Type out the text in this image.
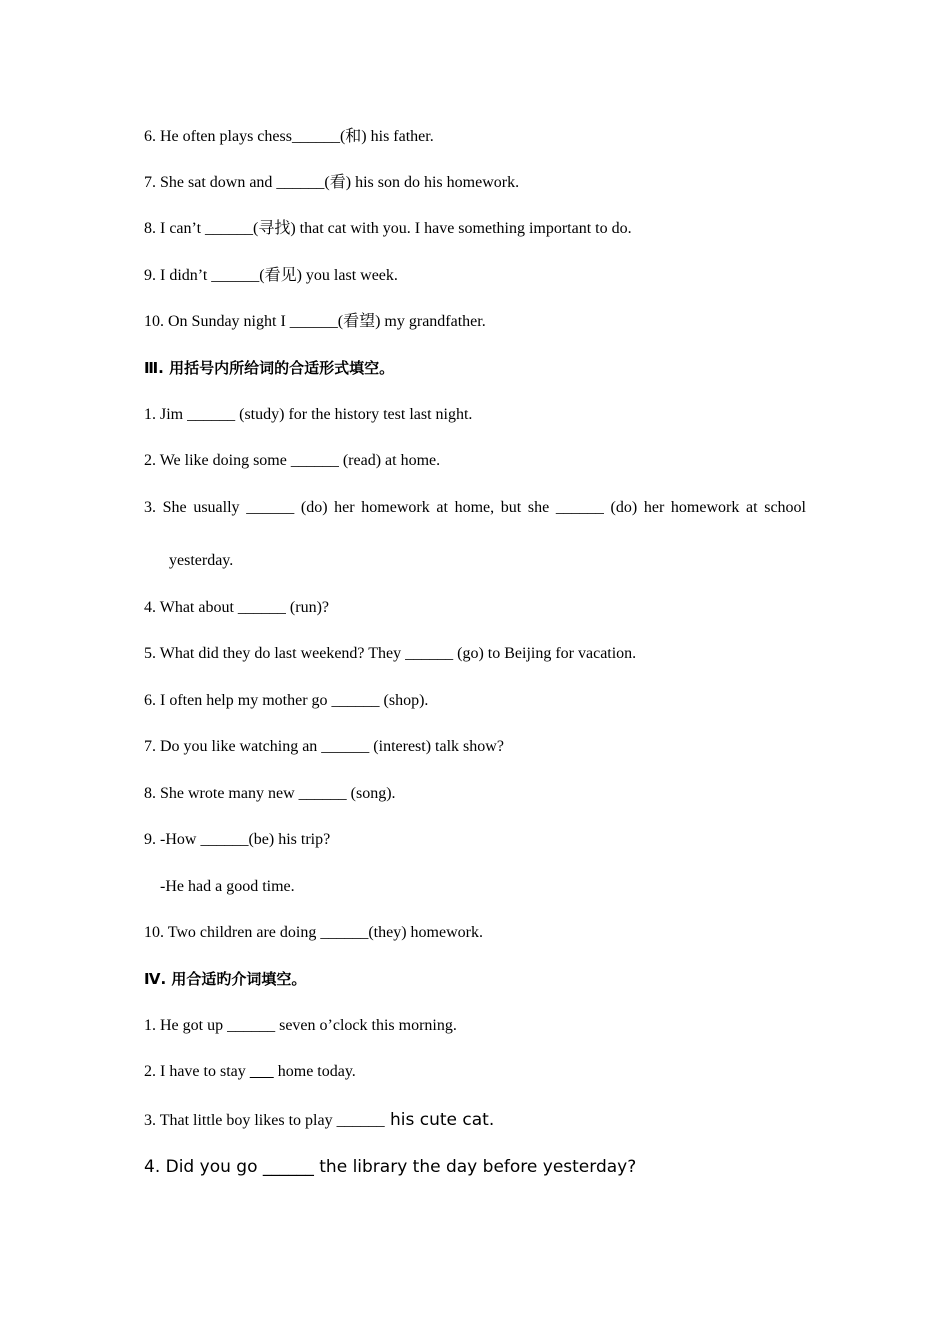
6. He often plays chess______(和) his father.
7. She sat down and ______(看) his son do his homework.
8. I can’t ______(寻找) that cat with you. I have something important to do.
9. I didn’t ______(看见) you last week.
10. On Sunday night I ______(看望) my grandfather.
Ⅲ. 用括号内所给词的合适形式填空。
1. Jim ______ (study) for the history test last night.
2. We like doing some ______ (read) at home.
3. She usually ______ (do) her homework at home, but she ______ (do) her homework at school
yesterday.
4. What about ______ (run)?
5. What did they do last weekend? They ______ (go) to Beijing for vacation.
6. I often help my mother go ______ (shop).
7. Do you like watching an ______ (interest) talk show?
8. She wrote many new ______ (song).
9. -How ______(be) his trip?
-He had a good time.
10. Two children are doing ______(they) homework.
Ⅳ. 用合适旳介词填空。
1. He got up ______ seven o’clock this morning.
2. I have to stay        home today.
3. That little boy likes to play ______ his cute cat.
4. Did you go ______ the library the day before yesterday?
